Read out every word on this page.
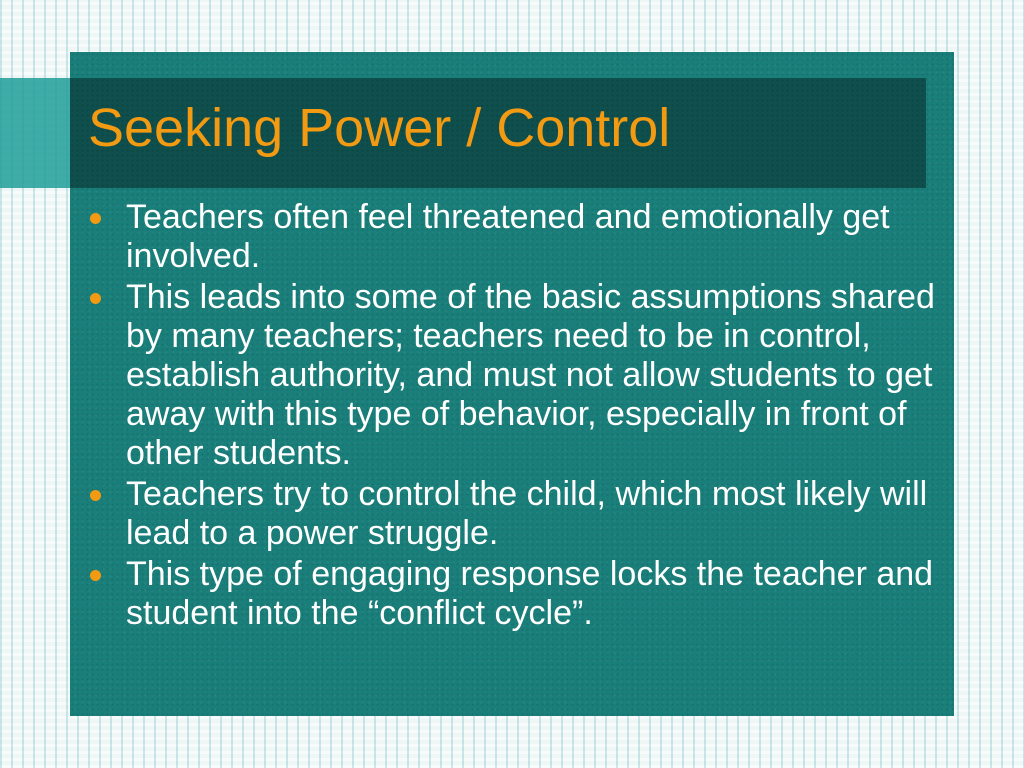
Seeking Power / Control
Teachers often feel threatened and emotionally get involved.
This leads into some of the basic assumptions shared by many teachers; teachers need to be in control, establish authority, and must not allow students to get away with this type of behavior, especially in front of other students.
Teachers try to control the child, which most likely will lead to a power struggle.
This type of engaging response locks the teacher and student into the “conflict cycle”.
